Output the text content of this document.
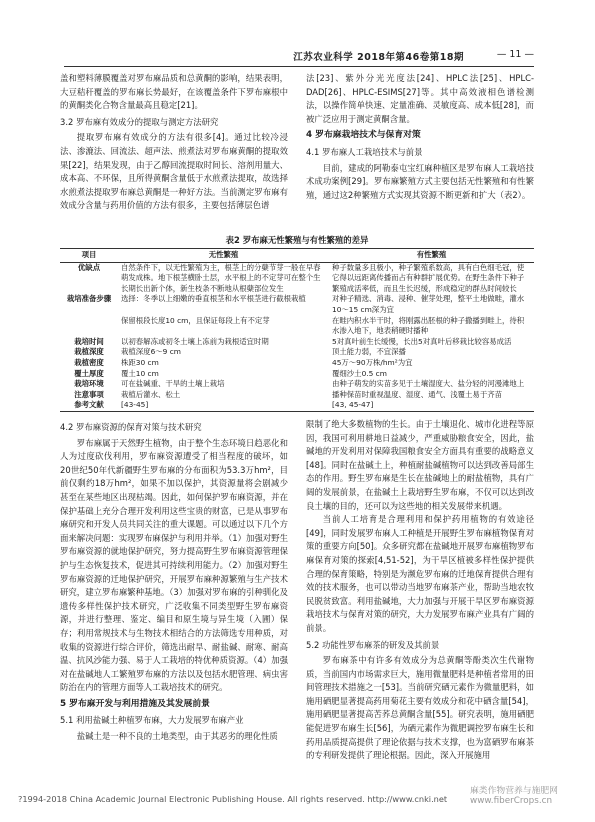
江苏农业科学 2018年第46卷第18期	— 11 —

盖和塑料薄膜覆盖对罗布麻品质和总黄酮的影响，结果表明，大豆秸秆覆盖的罗布麻长势最好，在该覆盖条件下罗布麻根中的黄酮类化合物含量最高且稳定[21]。

3.2 罗布麻有效成分的提取与测定方法研究

提取罗布麻有效成分的方法有很多[4]。通过比较冷浸法、渗漉法、回流法、超声法、煎煮法对罗布麻黄酮的提取效果[22]，结果发现，由于乙醇回流提取时间长、溶剂用量大、成本高、不环保，且所得黄酮含量低于水煎煮法提取，故选择水煎煮法提取罗布麻总黄酮是一种好方法。当前测定罗布麻有效成分含量与药用价值的方法有很多，主要包括薄层色谱

法[23]、紫外分光光度法[24]、HPLC法[25]、HPLC-DAD[26]、HPLC-ESIMS[27]等。其中高效液相色谱检测法，以操作简单快速、定量准确、灵敏度高、成本低[28]，而被广泛应用于测定黄酮含量。

4 罗布麻栽培技术与保育对策
4.1 罗布麻人工栽培技术与前景

目前，建成的阿勒泰屯宝红麻种植区是罗布麻人工栽培技术成功案例[29]。罗布麻繁殖方式主要包括无性繁殖和有性繁殖，通过这2种繁殖方式实现其资源不断更新和扩大（表2）。

表2 罗布麻无性繁殖与有性繁殖的差异
项目	无性繁殖	有性繁殖
优缺点	自然条件下，以无性繁殖为主，根茎上的分蘖节芽一般在早春萌发成株。地下根茎横卧土层，水平根上的不定芽可在整个生长期长出新个体，新生枝条不断地从根蘖部位发生	种子数量多且极小，种子繁殖系数高，具有白色细毛冠，使它得以远距离传播而占有种群扩展优势。在野生条件下种子繁殖成活率低，而且生长迟缓，形成稳定的群丛时间较长
栽培准备步骤	选择：冬季以上细嫩的垂直根茎和水平根茎进行截根栽植	对种子精选、消毒、浸种、催芽处理，整平土地做畦，灌水10～15 cm深为宜
	保留根段长度10 cm，且保证每段上有不定芽	在畦内积水半干时，将刚露出胚根的种子撒播到畦上，待积水渗入地下，地表稍硬时播种
栽培时间	以初春解冻或初冬土壤上冻前为栽根适宜时期	5对真叶前生长缓慢，长出5对真叶后移栽比较容易成活
栽植深度	栽植深度6～9 cm	顶土能力弱，不宜深播
栽植密度	株距30 cm	45万～90万株/hm²为宜
覆土厚度	覆土10 cm	覆细沙土0.5 cm
栽培环境	可在盐碱重、干旱的土壤上栽培	由种子萌发的实苗多见于土壤湿度大、盐分轻的河漫滩地上
注意事项	栽植后灌水、松土	播种保苗时重视温度、湿度、通气、浅覆土易于齐苗
参考文献	[43-45]	[43, 45-47]
4.2 罗布麻资源的保育对策与技术研究

罗布麻属于天然野生植物，由于整个生态环境日趋恶化和人为过度砍伐利用，罗布麻资源遭受了相当程度的破坏，如20世纪50年代新疆野生罗布麻的分布面积为53.3万hm²，目前仅剩约18万hm²，如果不加以保护，其资源量将会剧减少甚至在某些地区出现枯竭。因此，如何保护罗布麻资源，并在保护基础上充分合理开发利用这些宝贵的财富，已是从事罗布麻研究和开发人员共同关注的重大课题。可以通过以下几个方面来解决问题：实现罗布麻保护与利用并举。（1）加强对野生罗布麻资源的就地保护研究，努力提高野生罗布麻资源管理保护与生态恢复技术，促进其可持续利用能力。（2）加强对野生罗布麻资源的迁地保护研究，开展罗布麻种源繁殖与生产技术研究，建立罗布麻繁种基地。（3）加强对罗布麻的引种驯化及遗传多样性保护技术研究，广泛收集不同类型野生罗布麻资源，并进行整理、鉴定、编目和原生境与异生境（入圃）保存；利用常规技术与生物技术相结合的方法筛选专用种质，对收集的资源进行综合评价，筛选出耐旱、耐盐碱、耐寒、耐高温、抗风沙能力强、易于人工栽培的特优种质资源。（4）加强对在盐碱地人工繁殖罗布麻的方法以及包括水肥管理、病虫害防治在内的管理方面等人工栽培技术的研究。

5 罗布麻开发与利用措施及其发展前景
5.1 利用盐碱土种植罗布麻，大力发展罗布麻产业

盐碱土是一种不良的土地类型，由于其恶劣的理化性质

限制了绝大多数植物的生长。由于土壤退化、城市化进程等原因，我国可利用耕地日益减少，严重威胁粮食安全，因此，盐碱地的开发利用对保障我国粮食安全方面具有重要的战略意义[48]。同时在盐碱土上，种植耐盐碱植物可以达到改善局部生态的作用。野生罗布麻是生长在盐碱地上的耐盐植物，具有广阔的发展前景，在盐碱土上栽培野生罗布麻，不仅可以达到改良土壤的目的，还可以为这些地的相关发展带来机遇。

当前人工培育是合理利用和保护药用植物的有效途径[49]，同时发展罗布麻人工种植是开展野生罗布麻植物保育对策的重要方向[50]。众多研究都在盐碱地开展罗布麻植物罗布麻保育对策的探索[4,51-52]，为干旱区植被多样性保护提供合理的保育策略，特别是为濒危罗布麻的迁地保育提供合理有效的技术服务，也可以带动当地罗布麻茶产业，帮助当地农牧民脱贫致富。利用盐碱地，大力加强与开展干旱区罗布麻资源栽培技术与保育对策的研究，大力发展罗布麻产业具有广阔的前景。

5.2 功能性罗布麻茶的研发及其前景

罗布麻茶中有许多有效成分为总黄酮等酚类次生代谢物质，当前国内市场需求巨大，施用微量肥料是种植者常用的田间管理技术措施之一[53]。当前研究硒元素作为微量肥料，如施用硒肥显著提高药用菊花主要有效成分和花中硒含量[54]，施用硒肥显著提高苦荞总黄酮含量[55]。研究表明，施用硒肥能促进罗布麻生长[56]，为硒元素作为微肥调控罗布麻生长和药用品质提高提供了理论依据与技术支撑，也为富硒罗布麻茶的专利研发提供了理论根据。因此，深入开展施用

?1994-2018 China Academic Journal Electronic Publishing House. All rights reserved. http://www.cnki.net
麻类作物营养与施肥网
www.fiberCrops.cn
